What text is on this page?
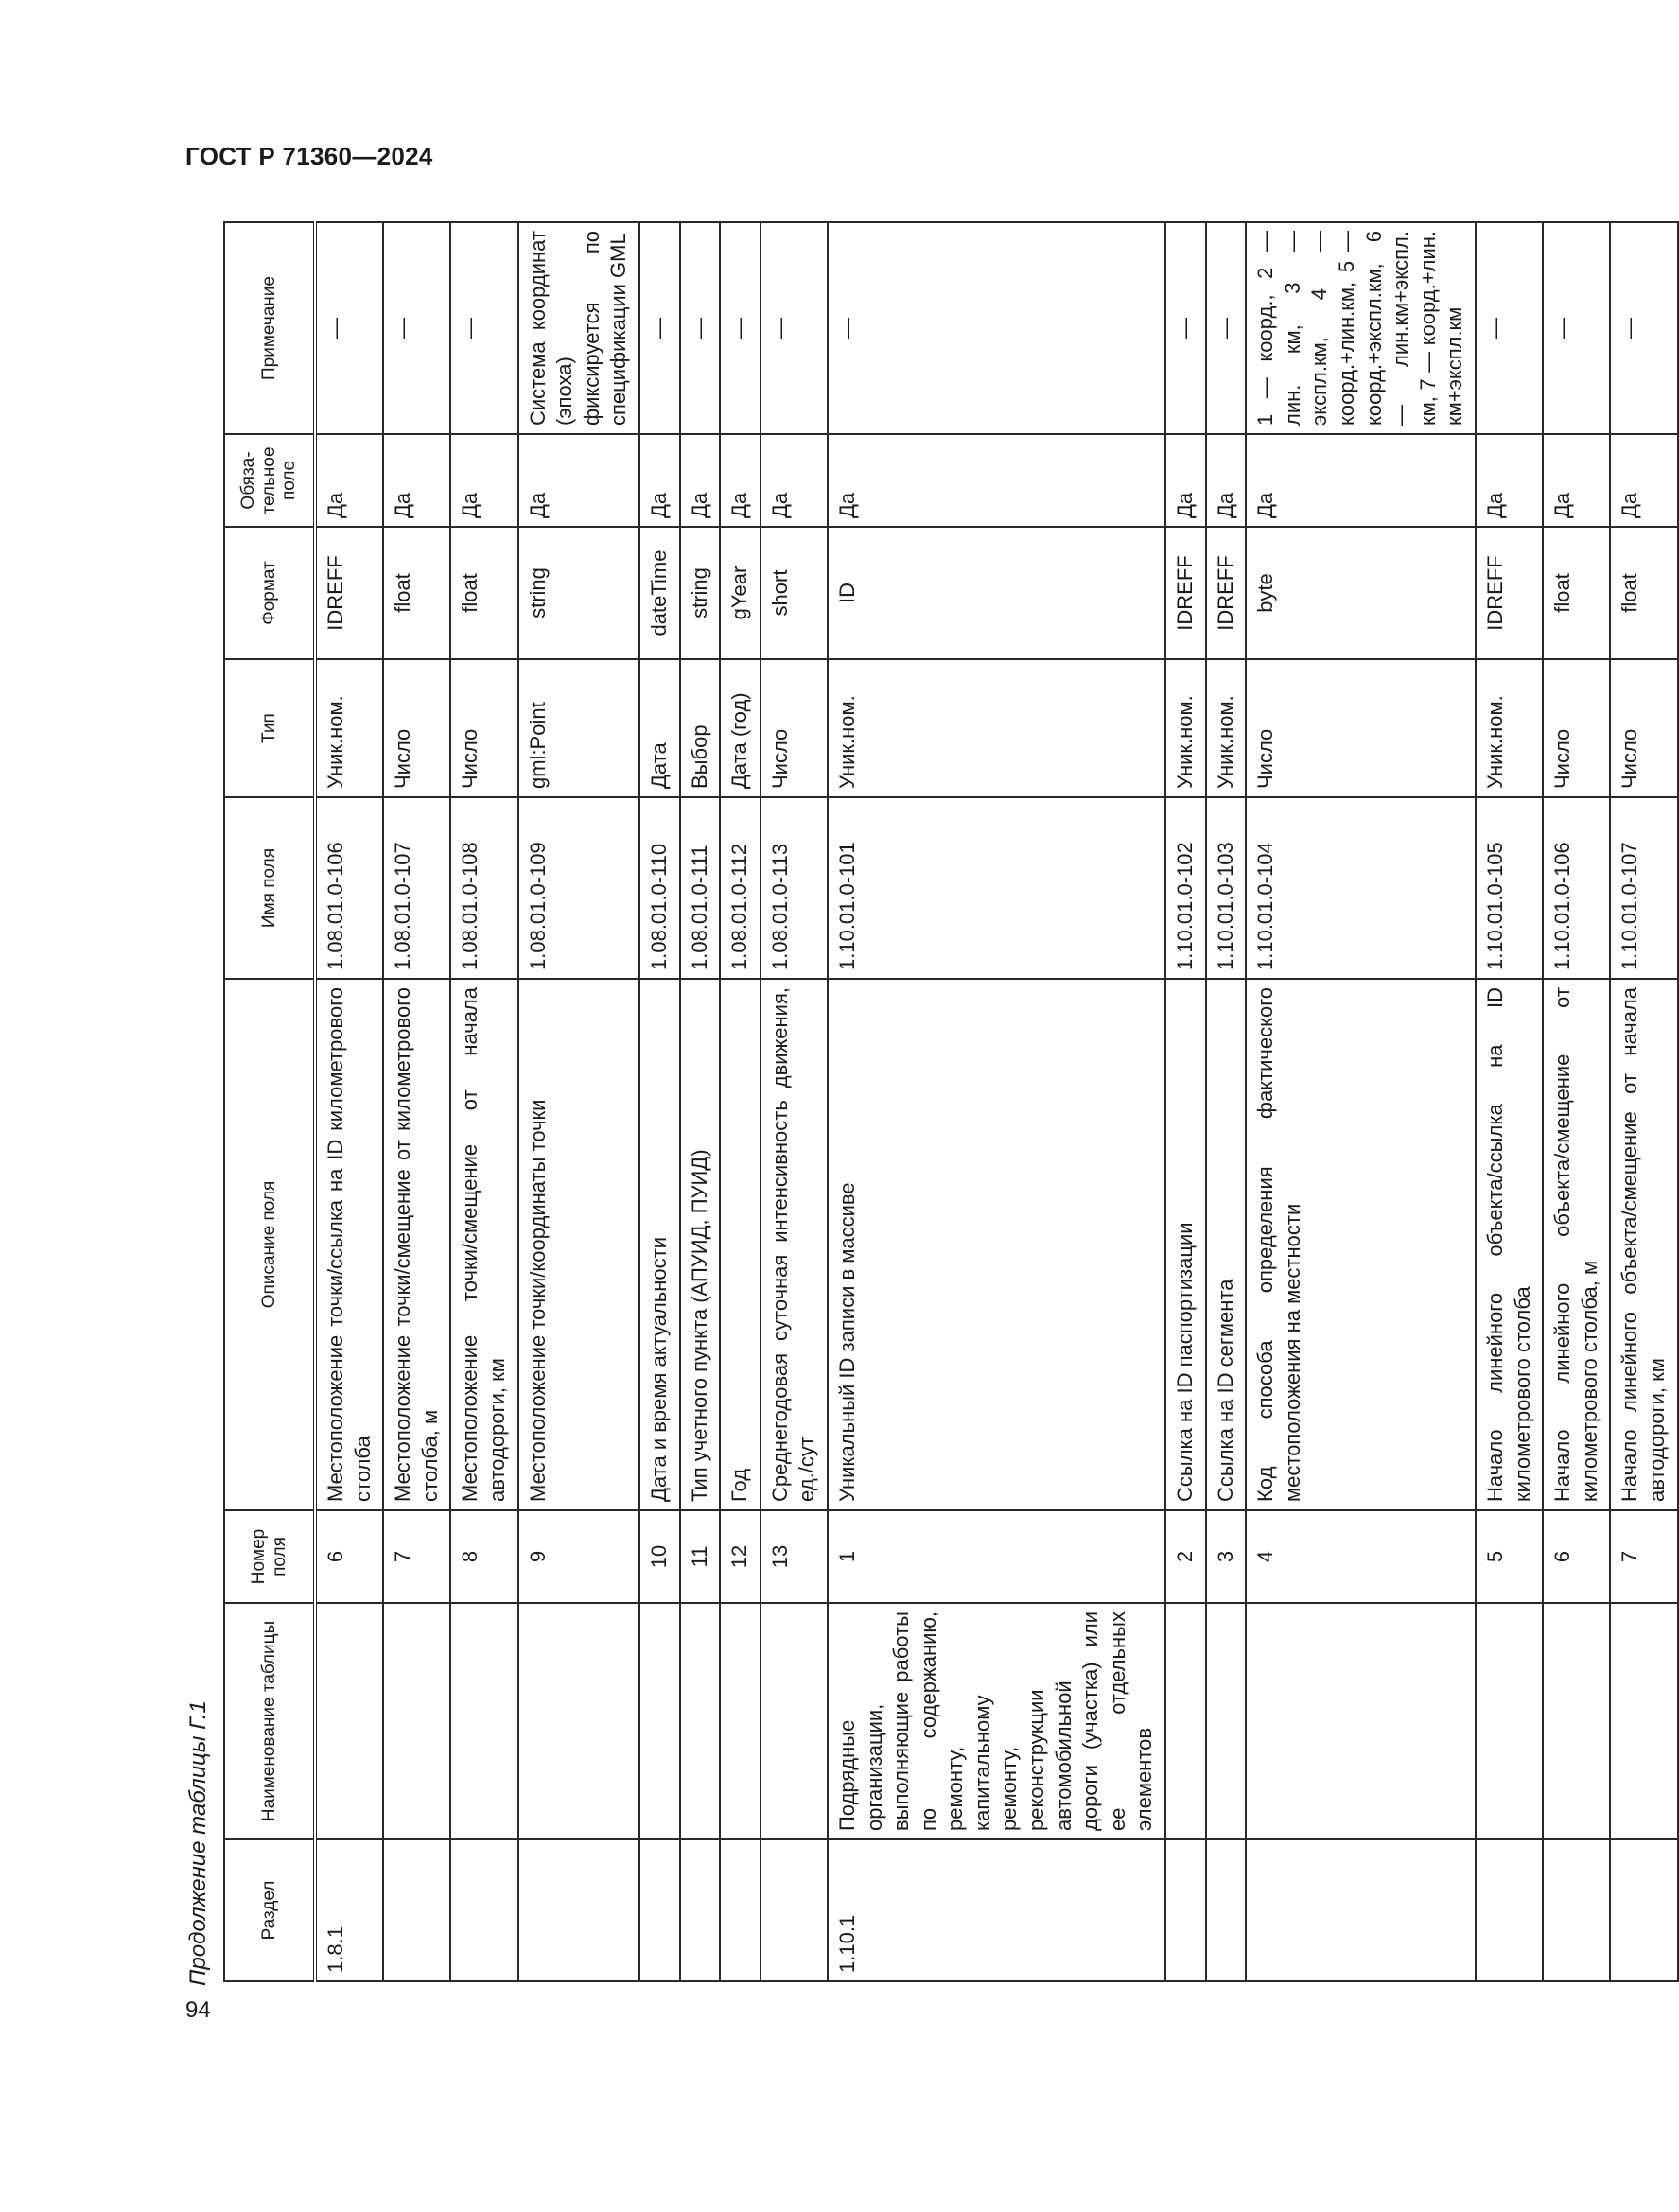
ГОСТ Р 71360—2024
Продолжение таблицы Г.1
94
Раздел	Наименование таблицы	Номер поля	Описание поля	Имя поля	Тип	Формат	Обяза-тельное поле	Примечание
1.8.1		6	Местоположение точки/ссылка на ID километрового столба	1.08.01.0-106	Уник.ном.	IDREFF	Да	—
		7	Местоположение точки/смещение от километрового столба, м	1.08.01.0-107	Число	float	Да	—
		8	Местоположение точки/смещение от начала автодороги, км	1.08.01.0-108	Число	float	Да	—
		9	Местоположение точки/координаты точки	1.08.01.0-109	gml:Point	string	Да	Система координат (эпоха) фиксируется по спецификации GML
		10	Дата и время актуальности	1.08.01.0-110	Дата	dateTime	Да	—
		11	Тип учетного пункта (АПУИД, ПУИД)	1.08.01.0-111	Выбор	string	Да	—
		12	Год	1.08.01.0-112	Дата (год)	gYear	Да	—
		13	Среднегодовая суточная интенсивность движения, ед./сут	1.08.01.0-113	Число	short	Да	—
1.10.1	Подрядные организации, выполняющие работы по содержанию, ремонту, капитальному ремонту, реконструкции автомобильной дороги (участка) или ее отдельных элементов	1	Уникальный ID записи в массиве	1.10.01.0-101	Уник.ном.	ID	Да	—
		2	Ссылка на ID паспортизации	1.10.01.0-102	Уник.ном.	IDREFF	Да	—
		3	Ссылка на ID сегмента	1.10.01.0-103	Уник.ном.	IDREFF	Да	—
		4	Код способа определения фактического местоположения на местности	1.10.01.0-104	Число	byte	Да	1 — коорд., 2 — лин. км, 3 — экспл.км, 4 — коорд.+лин.км, 5 — коорд.+экспл.км, 6 — лин.км+экспл. км, 7 — коорд.+лин. км+экспл.км
		5	Начало линейного объекта/ссылка на ID километрового столба	1.10.01.0-105	Уник.ном.	IDREFF	Да	—
		6	Начало линейного объекта/смещение от километрового столба, м	1.10.01.0-106	Число	float	Да	—
		7	Начало линейного объекта/смещение от начала автодороги, км	1.10.01.0-107	Число	float	Да	—
